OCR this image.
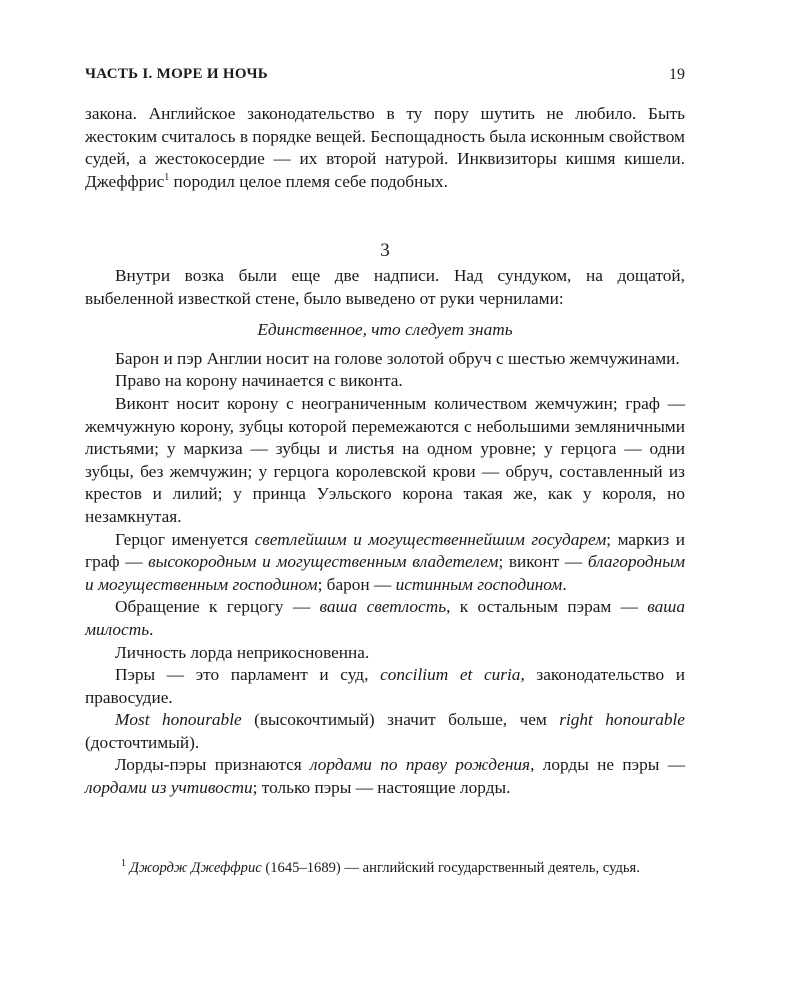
ЧАСТЬ I. МОРЕ И НОЧЬ	19

закона. Английское законодательство в ту пору шутить не любило. Быть жестоким считалось в порядке вещей. Беспощадность была исконным свойством судей, а жестокосердие — их второй натурой. Инквизиторы кишмя кишели. Джеффрис$^1$ породил целое племя себе подобных.

3

Внутри возка были еще две надписи. Над сундуком, на дощатой, выбеленной известкой стене, было выведено от руки чернилами:

Единственное, что следует знать

Барон и пэр Англии носит на голове золотой обруч с шестью жемчужинами.

Право на корону начинается с виконта.

Виконт носит корону с неограниченным количеством жемчужин; граф — жемчужную корону, зубцы которой перемежаются с небольшими земляничными листьями; у маркиза — зубцы и листья на одном уровне; у герцога — одни зубцы, без жемчужин; у герцога королевской крови — обруч, составленный из крестов и лилий; у принца Уэльского корона такая же, как у короля, но незамкнутая.

Герцог именуется светлейшим и могущественнейшим государем; маркиз и граф — высокородным и могущественным владетелем; виконт — благородным и могущественным господином; барон — истинным господином.

Обращение к герцогу — ваша светлость, к остальным пэрам — ваша милость.

Личность лорда неприкосновенна.

Пэры — это парламент и суд, concilium et curia, законодательство и правосудие.

Most honourable (высокочтимый) значит больше, чем right honourable (досточтимый).

Лорды-пэры признаются лордами по праву рождения, лорды не пэры — лордами из учтивости; только пэры — настоящие лорды.

$^1$ Джордж Джеффрис (1645–1689) — английский государственный деятель, судья.
